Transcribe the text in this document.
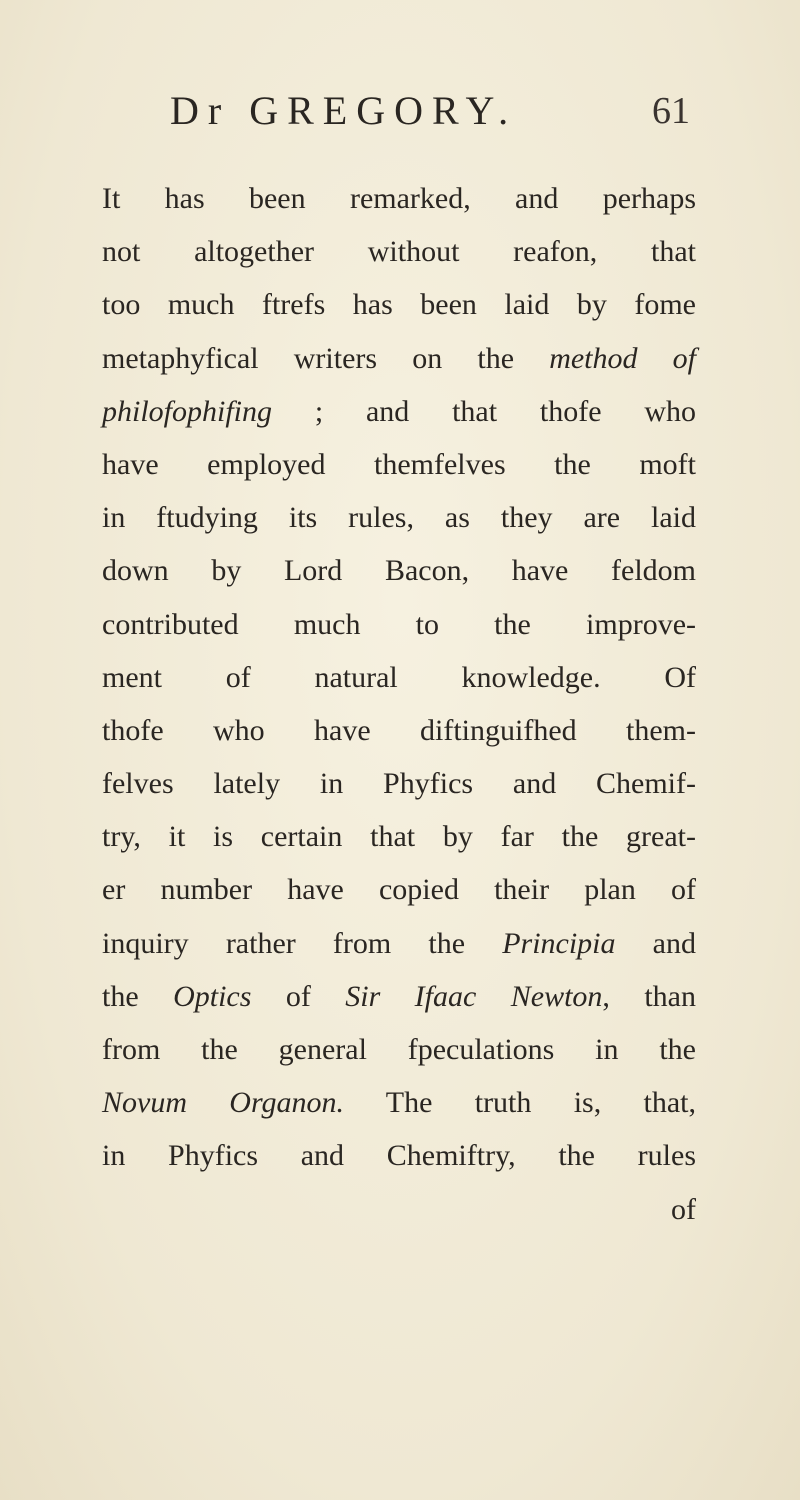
Dr GREGORY.	61
It has been remarked, and perhaps
not altogether without reafon, that
too much ftrefs has been laid by fome
metaphyfical writers on the method of
philofophifing ; and that thofe who
have employed themfelves the moft
in ftudying its rules, as they are laid
down by Lord Bacon, have feldom
contributed much to the improve-
ment of natural knowledge. Of
thofe who have diftinguifhed them-
felves lately in Phyfics and Chemif-
try, it is certain that by far the great-
er number have copied their plan of
inquiry rather from the Principia and
the Optics of Sir Ifaac Newton, than
from the general fpeculations in the
Novum Organon. The truth is, that,
in Phyfics and Chemiftry, the rules
of
